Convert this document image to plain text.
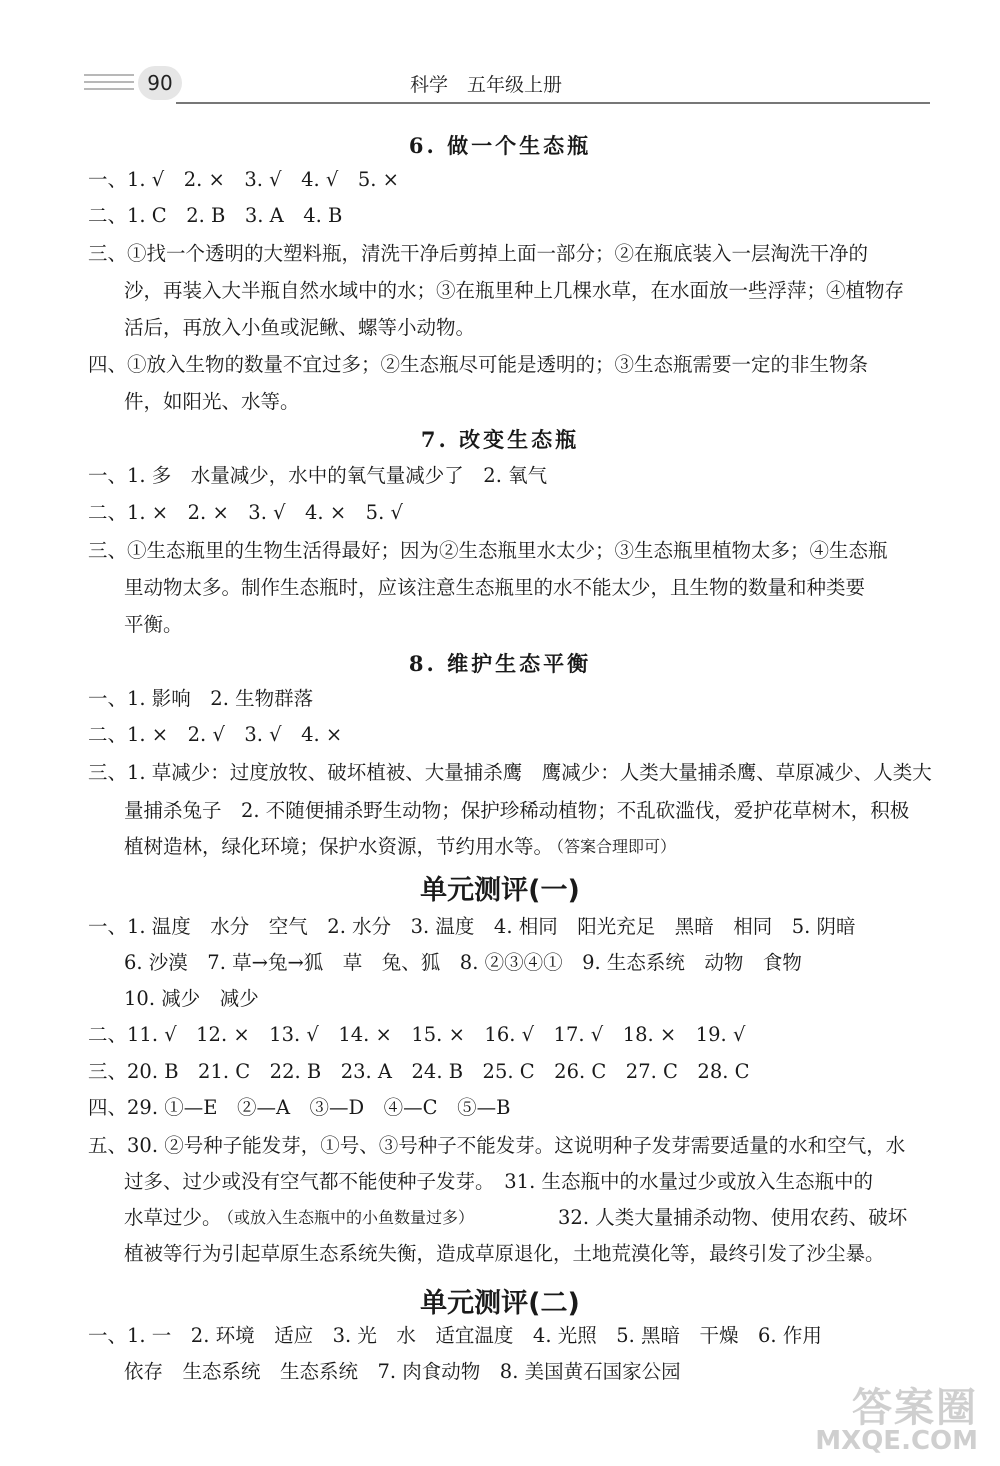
90	科学　五年级上册
6. 做一个生态瓶
一、1. √　2. ×　3. √　4. √　5. ×
二、1. C　2. B　3. A　4. B
三、①找一个透明的大塑料瓶，清洗干净后剪掉上面一部分；②在瓶底装入一层淘洗干净的
沙，再装入大半瓶自然水域中的水；③在瓶里种上几棵水草，在水面放一些浮萍；④植物存
活后，再放入小鱼或泥鳅、螺等小动物。
四、①放入生物的数量不宜过多；②生态瓶尽可能是透明的；③生态瓶需要一定的非生物条
件，如阳光、水等。
7. 改变生态瓶
一、1. 多　水量减少，水中的氧气量减少了　2. 氧气
二、1. ×　2. ×　3. √　4. ×　5. √
三、①生态瓶里的生物生活得最好；因为②生态瓶里水太少；③生态瓶里植物太多；④生态瓶
里动物太多。制作生态瓶时，应该注意生态瓶里的水不能太少，且生物的数量和种类要
平衡。
8. 维护生态平衡
一、1. 影响　2. 生物群落
二、1. ×　2. √　3. √　4. ×
三、1. 草减少：过度放牧、破坏植被、大量捕杀鹰　鹰减少：人类大量捕杀鹰、草原减少、人类大
量捕杀兔子　2. 不随便捕杀野生动物；保护珍稀动植物；不乱砍滥伐，爱护花草树木，积极
植树造林，绿化环境；保护水资源，节约用水等。
（答案合理即可）
单元测评(一)
一、1. 温度　水分　空气　2. 水分　3. 温度　4. 相同　阳光充足　黑暗　相同　5. 阴暗
6. 沙漠　7. 草→兔→狐　草　兔、狐　8. ②③④①　9. 生态系统　动物　食物
10. 减少　减少
二、11. √　12. ×　13. √　14. ×　15. ×　16. √　17. √　18. ×　19. √
三、20. B　21. C　22. B　23. A　24. B　25. C　26. C　27. C　28. C
四、29. ①—E　②—A　③—D　④—C　⑤—B
五、30. ②号种子能发芽，①号、③号种子不能发芽。这说明种子发芽需要适量的水和空气，水
过多、过少或没有空气都不能使种子发芽。　31. 生态瓶中的水量过少或放入生态瓶中的
水草过少。
（或放入生态瓶中的小鱼数量过多）	32. 人类大量捕杀动物、使用农药、破坏
植被等行为引起草原生态系统失衡，造成草原退化，土地荒漠化等，最终引发了沙尘暴。
单元测评(二)
一、1. 一　2. 环境　适应　3. 光　水　适宜温度　4. 光照　5. 黑暗　干燥　6. 作用
依存　生态系统　生态系统　7. 肉食动物　8. 美国黄石国家公园
答案圈
MXQE.COM
